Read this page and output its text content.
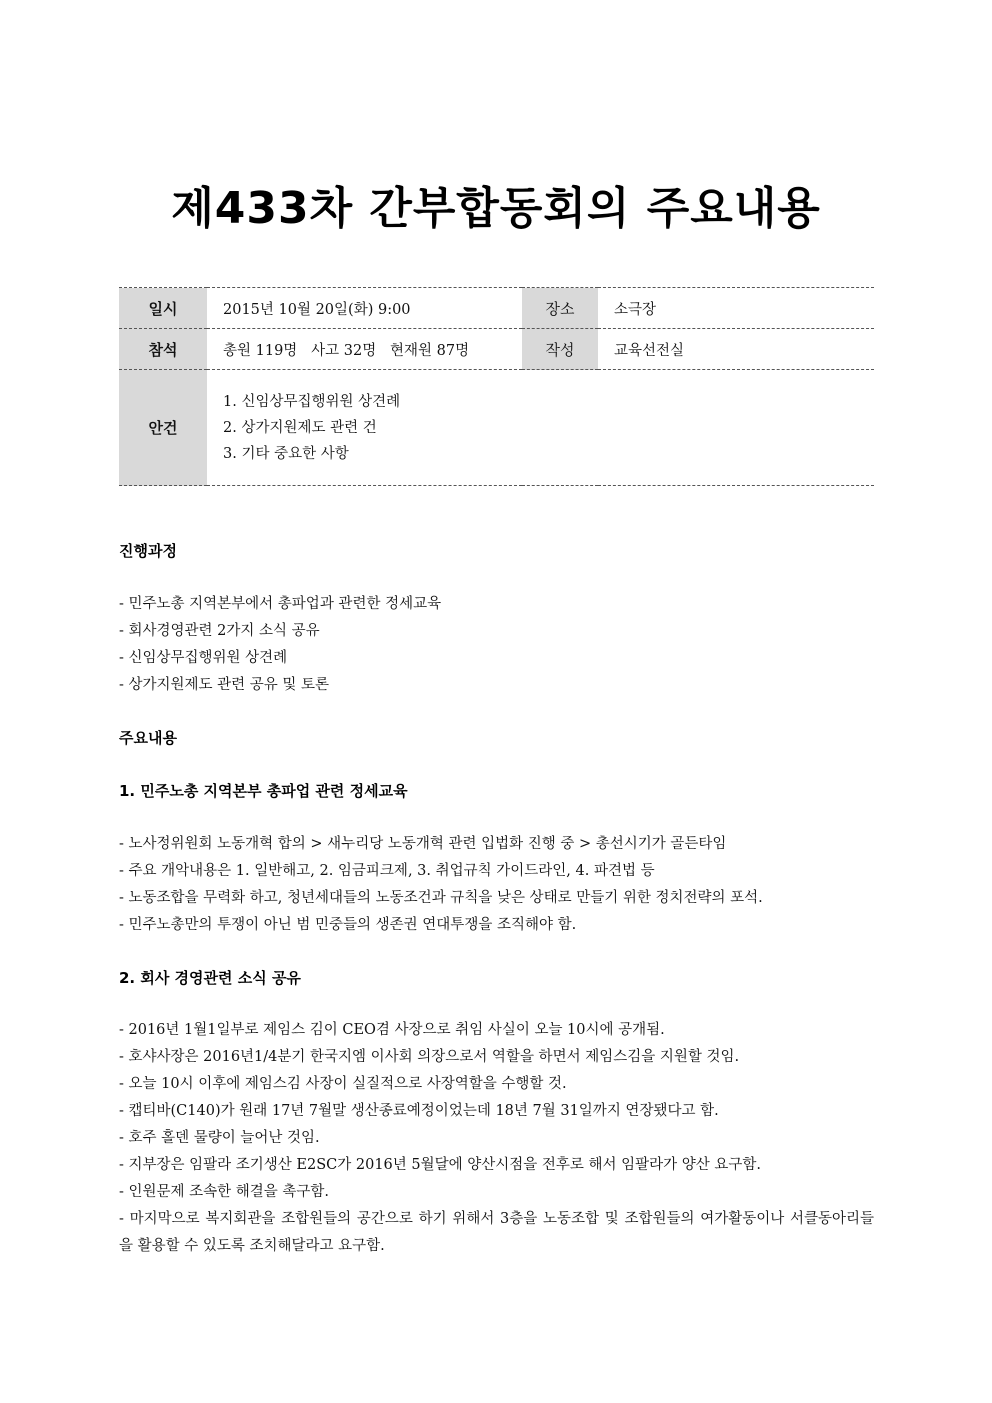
제433차 간부합동회의 주요내용
일시	2015년 10월 20일(화) 9:00	장소	소극장
참석	총원 119명   사고 32명   현재원 87명	작성	교육선전실
안건	1. 신임상무집행위원 상견례
2. 상가지원제도 관련 건
3. 기타 중요한 사항		
진행과정
- 민주노총 지역본부에서 총파업과 관련한 정세교육
- 회사경영관련 2가지 소식 공유
- 신임상무집행위원 상견례
- 상가지원제도 관련 공유 및 토론
주요내용
1. 민주노총 지역본부 총파업 관련 정세교육
- 노사정위원회 노동개혁 합의 > 새누리당 노동개혁 관련 입법화 진행 중 > 총선시기가 골든타임
- 주요 개악내용은 1. 일반해고, 2. 임금피크제, 3. 취업규칙 가이드라인, 4. 파견법 등
- 노동조합을 무력화 하고, 청년세대들의 노동조건과 규칙을 낮은 상태로 만들기 위한 정치전략의 포석.
- 민주노총만의 투쟁이 아닌 범 민중들의 생존권 연대투쟁을 조직해야 함.
2. 회사 경영관련 소식 공유
- 2016년 1월1일부로 제임스 김이 CEO겸 사장으로 취임 사실이 오늘 10시에 공개됨.
- 호샤사장은 2016년1/4분기 한국지엠 이사회 의장으로서 역할을 하면서 제임스김을 지원할 것임.
- 오늘 10시 이후에 제임스김 사장이 실질적으로 사장역할을 수행할 것.
- 캡티바(C140)가 원래 17년 7월말 생산종료예정이었는데 18년 7월 31일까지 연장됐다고 함.
- 호주 홀덴 물량이 늘어난 것임.
- 지부장은 임팔라 조기생산 E2SC가 2016년 5월달에 양산시점을 전후로 해서 임팔라가 양산 요구함.
- 인원문제 조속한 해결을 촉구함.
- 마지막으로 복지회관을 조합원들의 공간으로 하기 위해서 3층을 노동조합 및 조합원들의 여가활동이나 서클동아리들을 활용할 수 있도록 조치해달라고 요구함.
